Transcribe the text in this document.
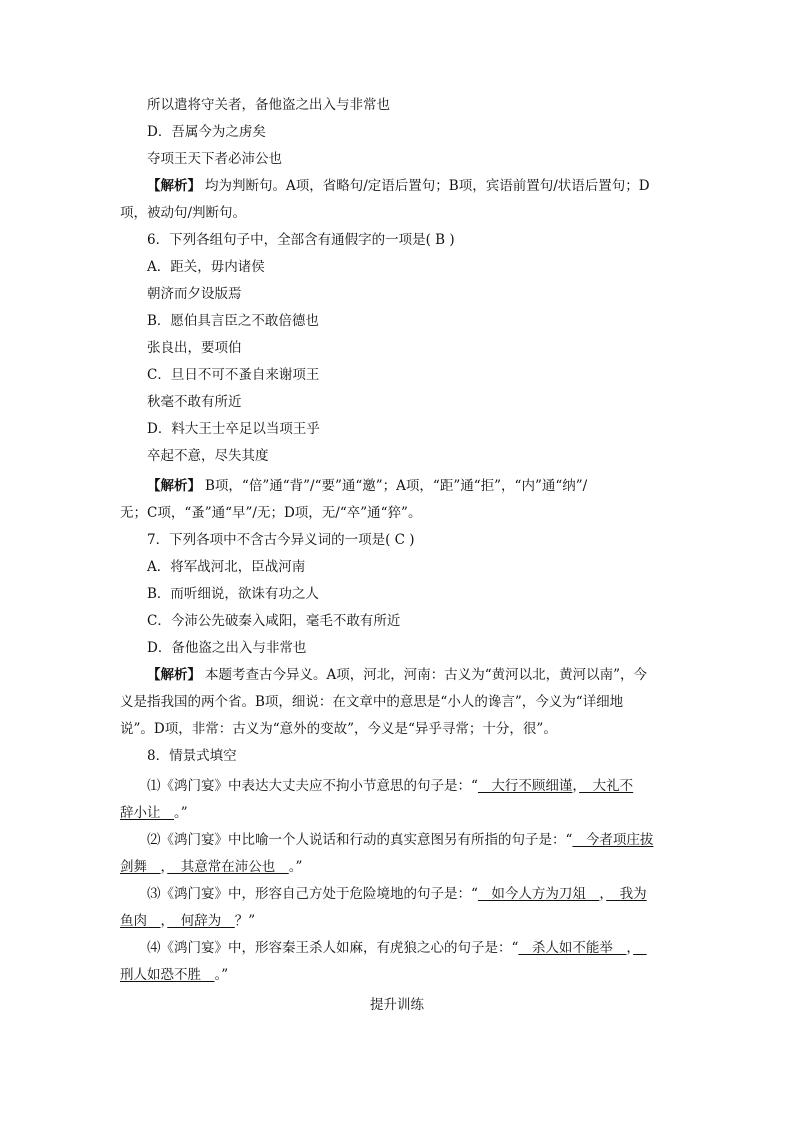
所以遣将守关者，备他盗之出入与非常也
D．吾属今为之虏矣
夺项王天下者必沛公也
【解析】 均为判断句。A项，省略句/定语后置句；B项，宾语前置句/状语后置句；D
项，被动句/判断句。
6．下列各组句子中，全部含有通假字的一项是( B )
A．距关，毋内诸侯
朝济而夕设版焉
B．愿伯具言臣之不敢倍德也
张良出，要项伯
C．旦日不可不蚤自来谢项王
秋毫不敢有所近
D．料大王士卒足以当项王乎
卒起不意，尽失其度
【解析】 B项，“倍”通“背”/“要”通“邀”；A项，“距”通“拒”，“内”通“纳”/
无；C项，“蚤”通“早”/无；D项，无/“卒”通“猝”。
7．下列各项中不含古今异义词的一项是( C )
A．将军战河北，臣战河南
B．而听细说，欲诛有功之人
C．今沛公先破秦入咸阳，毫毛不敢有所近
D．备他盗之出入与非常也
【解析】 本题考查古今异义。A项，河北，河南：古义为“黄河以北，黄河以南”，今
义是指我国的两个省。B项，细说：在文章中的意思是“小人的谗言”，今义为“详细地
说”。D项，非常：古义为“意外的变故”，今义是“异乎寻常；十分，很”。
8．情景式填空
⑴《鸿门宴》中表达大丈夫应不拘小节意思的句子是：“　大行不顾细谨，　大礼不
辞小让　。”
⑵《鸿门宴》中比喻一个人说话和行动的真实意图另有所指的句子是：“　今者项庄拔
剑舞　，　其意常在沛公也　。”
⑶《鸿门宴》中，形容自己方处于危险境地的句子是：“　如今人方为刀俎　，　我为
鱼肉　，　何辞为　？”
⑷《鸿门宴》中，形容秦王杀人如麻，有虎狼之心的句子是：“　杀人如不能举　，　
刑人如恐不胜　。”
提升训练
